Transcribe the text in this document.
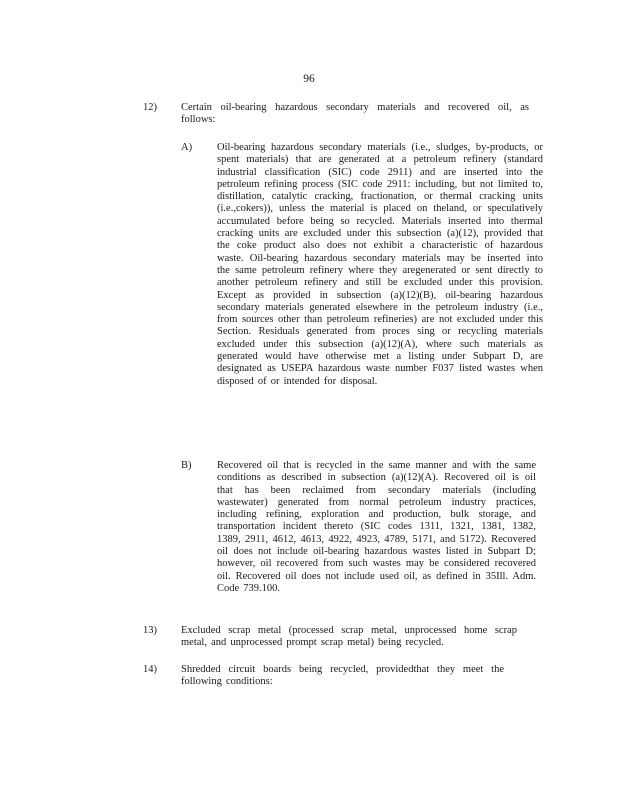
96
12) Certain oil-bearing hazardous secondary materials and recovered oil, as follows:
A) Oil-bearing hazardous secondary materials (i.e., sludges, by-products, or spent materials) that are generated at a petroleum refinery (standard industrial classification (SIC) code 2911) and are inserted into the petroleum refining process (SIC code 2911: including, but not limited to, distillation, catalytic cracking, fractionation, or thermal cracking units (i.e.,cokers)), unless the material is placed on theland, or speculatively accumulated before being so recycled. Materials inserted into thermal cracking units are excluded under this subsection (a)(12), provided that the coke product also does not exhibit a characteristic of hazardous waste. Oil-bearing hazardous secondary materials may be inserted into the same petroleum refinery where they aregenerated or sent directly to another petroleum refinery and still be excluded under this provision. Except as provided in subsection (a)(12)(B), oil-bearing hazardous secondary materials generated elsewhere in the petroleum industry (i.e., from sources other than petroleum refineries) are not excluded under this Section. Residuals generated from proces sing or recycling materials excluded under this subsection (a)(12)(A), where such materials as generated would have otherwise met a listing under Subpart D, are designated as USEPA hazardous waste number F037 listed wastes when disposed of or intended for disposal.
B) Recovered oil that is recycled in the same manner and with the same conditions as described in subsection (a)(12)(A). Recovered oil is oil that has been reclaimed from secondary materials (including wastewater) generated from normal petroleum industry practices, including refining, exploration and production, bulk storage, and transportation incident thereto (SIC codes 1311, 1321, 1381, 1382, 1389, 2911, 4612, 4613, 4922, 4923, 4789, 5171, and 5172). Recovered oil does not include oil-bearing hazardous wastes listed in Subpart D; however, oil recovered from such wastes may be considered recovered oil. Recovered oil does not include used oil, as defined in 35Ill. Adm. Code 739.100.
13) Excluded scrap metal (processed scrap metal, unprocessed home scrap metal, and unprocessed prompt scrap metal) being recycled.
14) Shredded circuit boards being recycled, providedthat they meet the following conditions:
